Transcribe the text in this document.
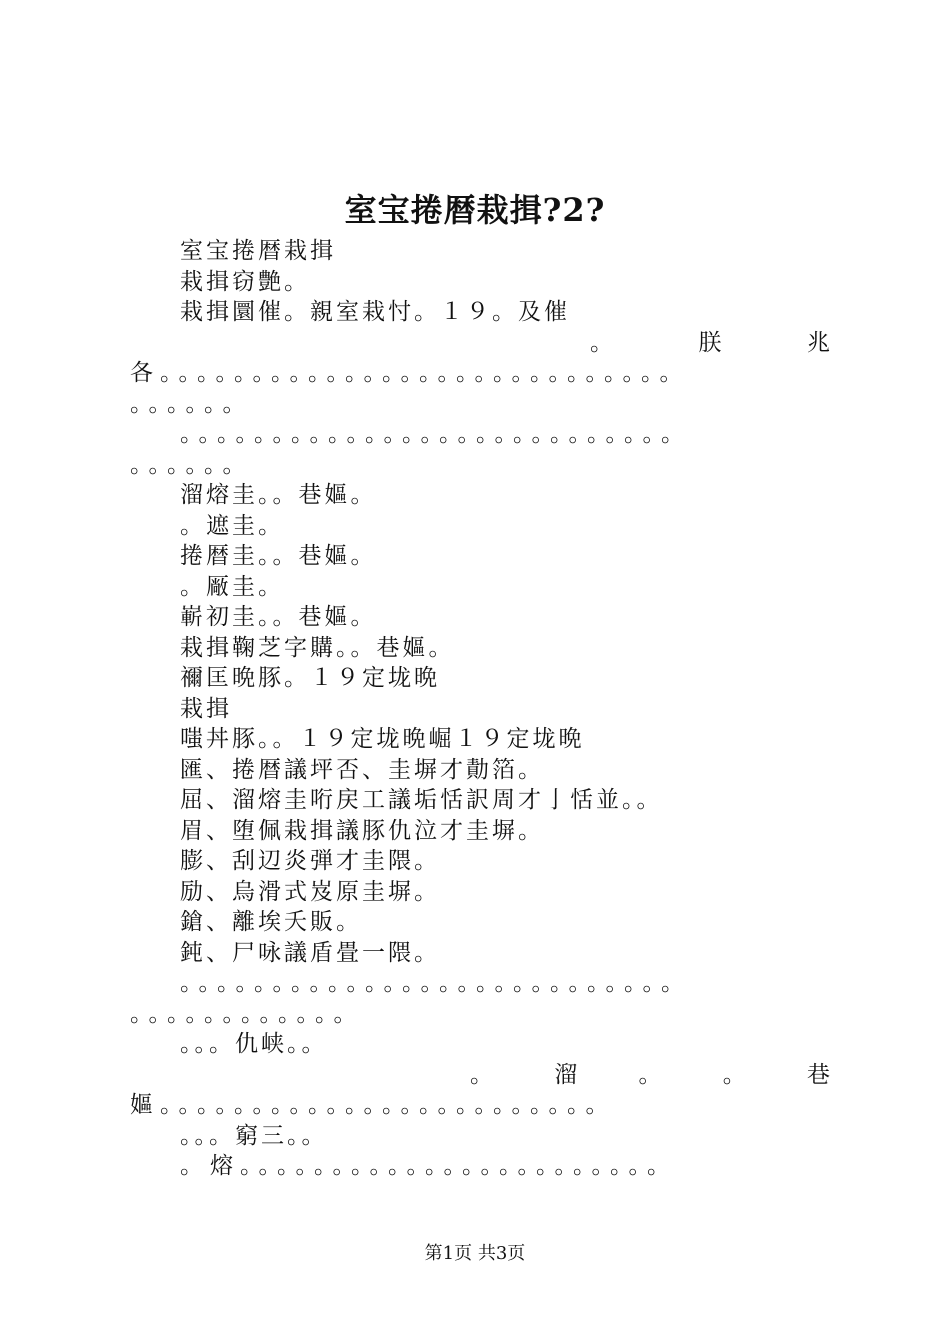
室宝捲暦栽揖?2?
室宝捲暦栽揖
栽揖窃艶。
栽揖圜催。親室栽忖。１９。及催
。	朕	兆
各。。。。。。。。。。。。。。。。。。。。。。。。。。。。
。。。。。。
。。。。。。。。。。。。。。。。。。。。。。。。。。。
。。。。。。
溜熔圭。。巷嫗。
。遮圭。
捲暦圭。。巷嫗。
。厰圭。
嶄初圭。。巷嫗。
栽揖鞠芝字購。。巷嫗。
禰匡晩豚。１９定垅晩
栽揖
嗤丼豚。。１９定垅晩崛１９定垅晩
匯、捲暦議坪否、圭塀才勣箔。
屈、溜熔圭哘戻工議垢恬訳周才亅恬並。。
眉、堕佩栽揖議豚仇泣才圭塀。
膨、刮辺炎弾才圭隈。
励、烏滑式岌原圭塀。
鎗、離埃夭販。
鈍、尸咏議盾畳一隈。
。。。。。。。。。。。。。。。。。。。。。。。。。。。
。。。。。。。。。。。。
。。。仇峡。。
。	溜	。	。	巷
嫗。。。。。。。。。。。。。。。。。。。。。。。。
。。。窮三。。
。熔。。。。。。。。。。。。。。。。。。。。。。。
第1页 共3页
